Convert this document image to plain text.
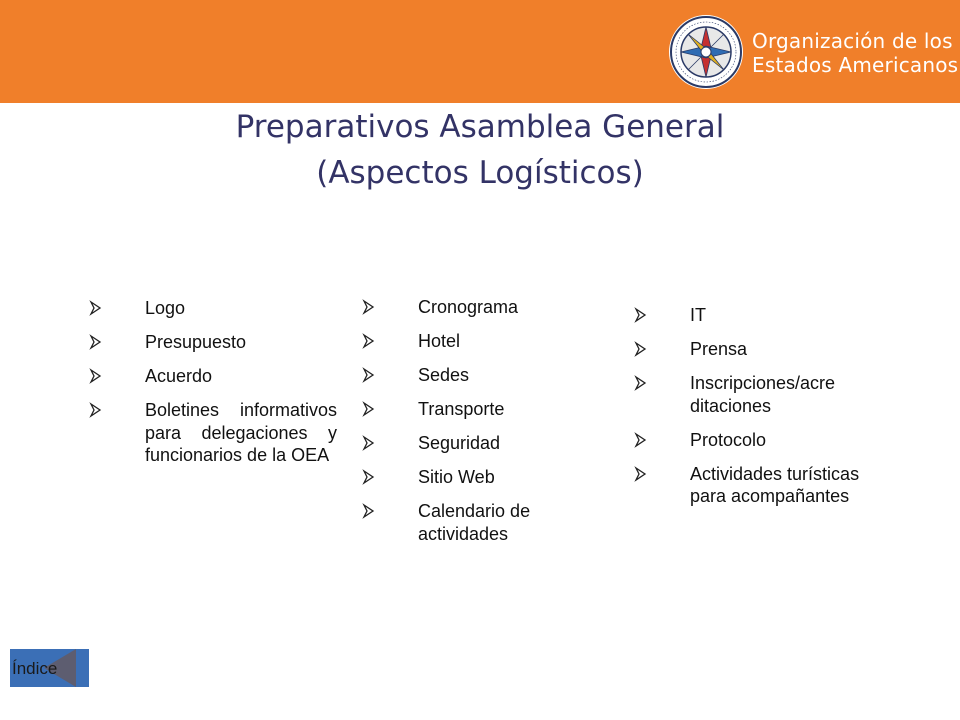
Organización de los
Estados Americanos
Preparativos Asamblea General
(Aspectos Logísticos)
Logo
Presupuesto
Acuerdo
Boletines informativos para delegaciones y funcionarios de la OEA
Cronograma
Hotel
Sedes
Transporte
Seguridad
Sitio Web
Calendario de actividades
IT
Prensa
Inscripciones/acre ditaciones
Protocolo
Actividades turísticas para acompañantes
Índice
